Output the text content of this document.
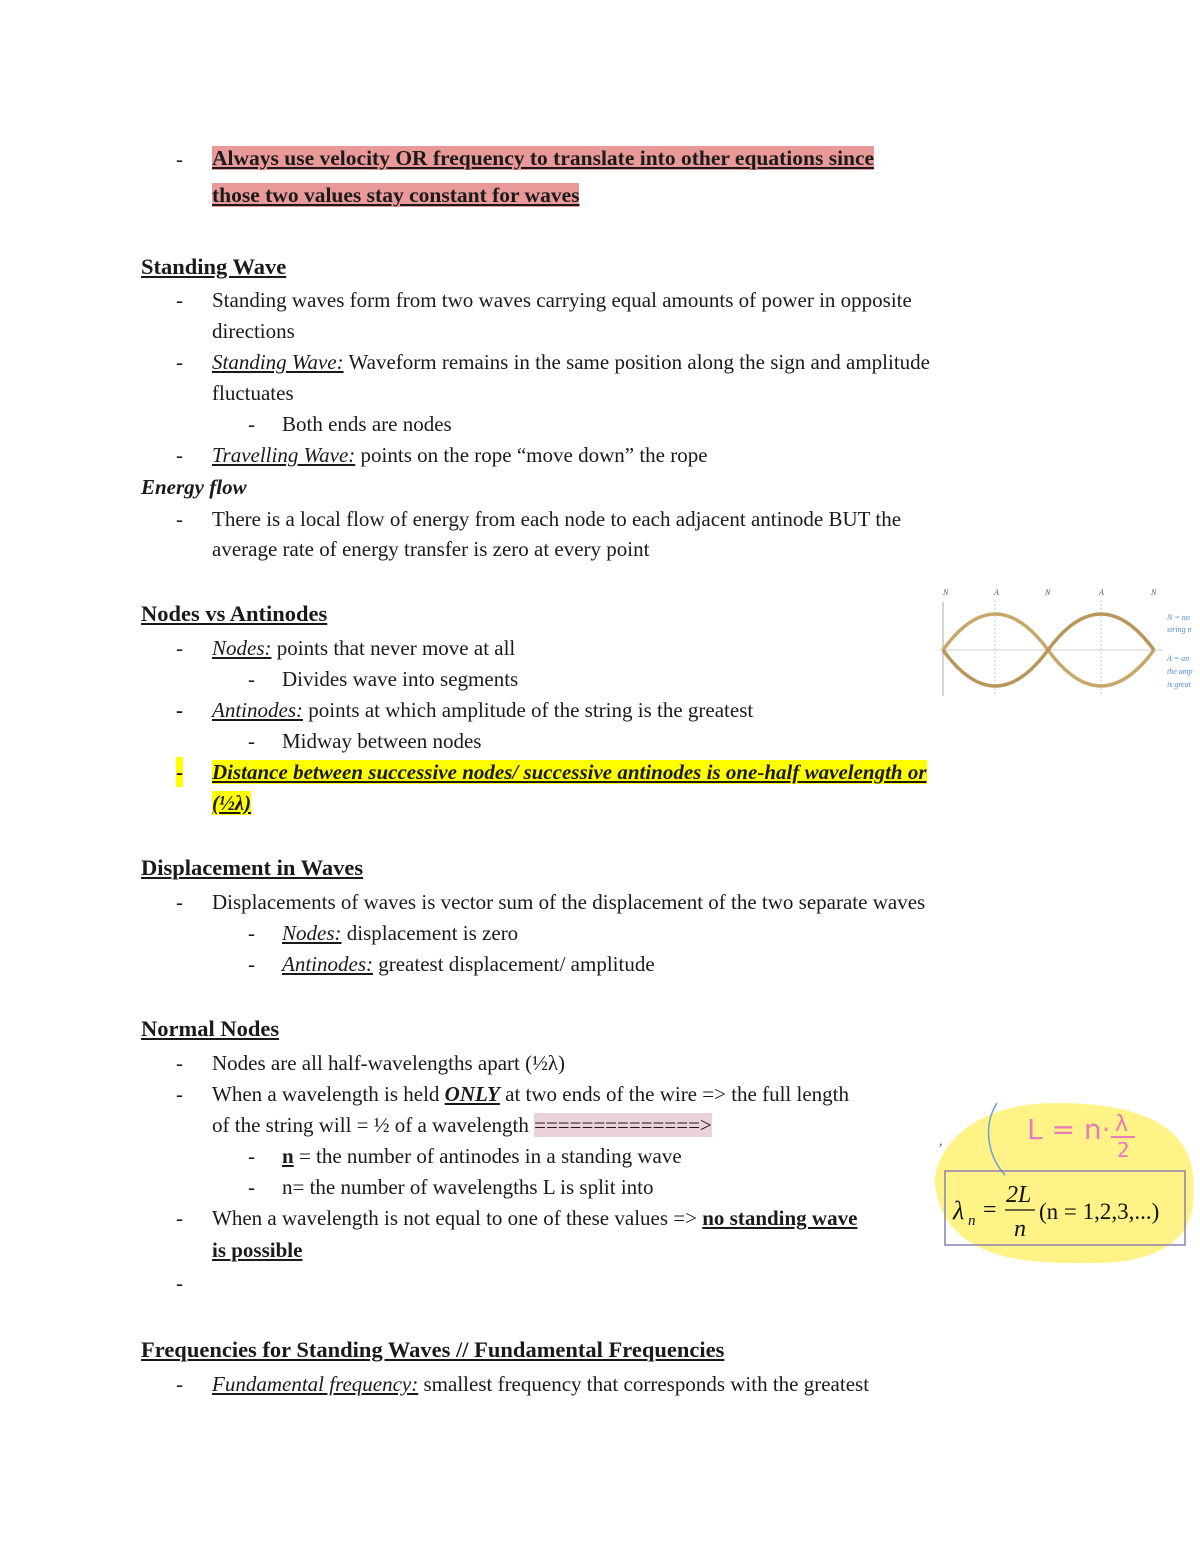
- Always use velocity OR frequency to translate into other equations since
those two values stay constant for waves
Standing Wave
- Standing waves form from two waves carrying equal amounts of power in opposite
directions
- Standing Wave: Waveform remains in the same position along the sign and amplitude
fluctuates
- Both ends are nodes
- Travelling Wave: points on the rope “move down” the rope
Energy flow
- There is a local flow of energy from each node to each adjacent antinode BUT the
average rate of energy transfer is zero at every point
Nodes vs Antinodes
- Nodes: points that never move at all
- Divides wave into segments
- Antinodes: points at which amplitude of the string is the greatest
- Midway between nodes
- Distance between successive nodes/ successive antinodes is one-half wavelength or
(½λ)
N	A	N	A	N
N = no
string n
A = an
the amp
is great
Displacement in Waves
- Displacements of waves is vector sum of the displacement of the two separate waves
- Nodes: displacement is zero
- Antinodes: greatest displacement/ amplitude
Normal Nodes
- Nodes are all half-wavelengths apart (½λ)
- When a wavelength is held ONLY at two ends of the wire => the full length
of the string will = ½ of a wavelength ==============>
- n = the number of antinodes in a standing wave
- n= the number of wavelengths L is split into
- When a wavelength is not equal to one of these values => no standing wave
is possible
-
L = n· λ
2
,
λ n =
2L
n
(n = 1,2,3,...)
Frequencies for Standing Waves // Fundamental Frequencies
- Fundamental frequency: smallest frequency that corresponds with the greatest
